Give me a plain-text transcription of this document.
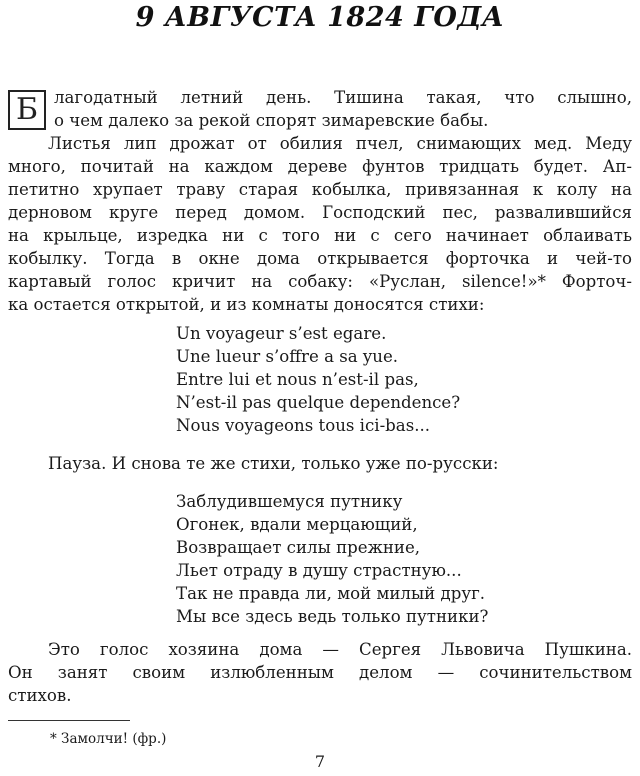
9 АВГУСТА 1824 ГОДА
Б лагодатный летний день. Тишина такая, что слышно,
о чем далеко за рекой спорят зимаревские бабы.
Листья лип дрожат от обилия пчел, снимающих мед. Меду
много, почитай на каждом дереве фунтов тридцать будет. Ап-
петитно хрупает траву старая кобылка, привязанная к колу на
дерновом круге перед домом. Господский пес, развалившийся
на крыльце, изредка ни с того ни с сего начинает облаивать
кобылку. Тогда в окне дома открывается форточка и чей-то
картавый голос кричит на собаку: «Руслан, silence!»* Форточ-
ка остается открытой, и из комнаты доносятся стихи:
Un voyageur s’est egare.
Une lueur s’offre a sa yue.
Entre lui et nous n’est-il pas,
N’est-il pas quelque dependence?
Nous voyageons tous ici-bas...
Пауза. И снова те же стихи, только уже по-русски:
Заблудившемуся путнику
Огонек, вдали мерцающий,
Возвращает силы прежние,
Льет отраду в душу страстную...
Так не правда ли, мой милый друг.
Мы все здесь ведь только путники?
Это голос хозяина дома — Сергея Львовича Пушкина.
Он занят своим излюбленным делом — сочинительством
стихов.
* Замолчи! (фр.)
7
